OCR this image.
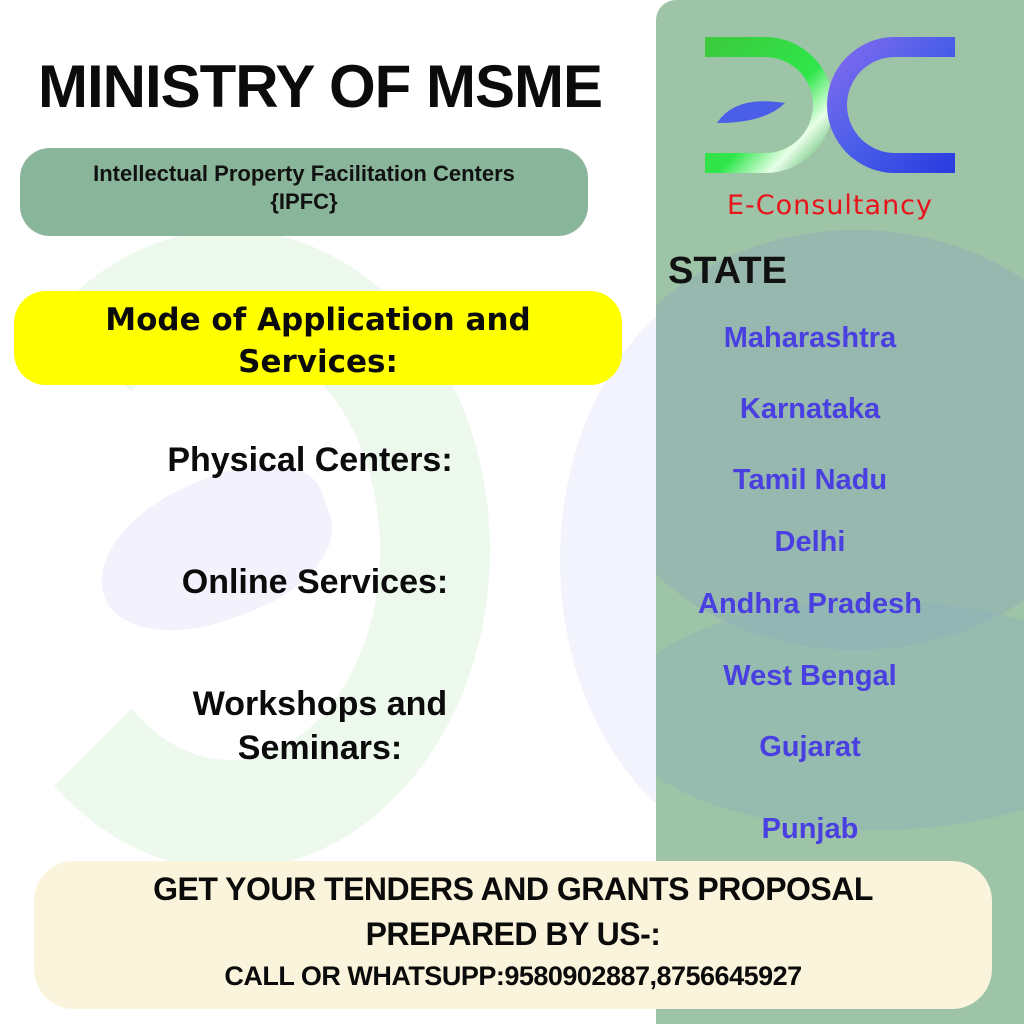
E-Consultancy
MINISTRY OF MSME
Intellectual Property Facilitation Centers
{IPFC}
Mode of Application and
Services:
Physical Centers:
Online Services:
Workshops and
Seminars:
STATE
Maharashtra
Karnataka
Tamil Nadu
Delhi
Andhra Pradesh
West Bengal
Gujarat
Punjab
GET YOUR TENDERS AND GRANTS PROPOSAL
PREPARED BY US-:
CALL OR WHATSUPP:9580902887,8756645927
